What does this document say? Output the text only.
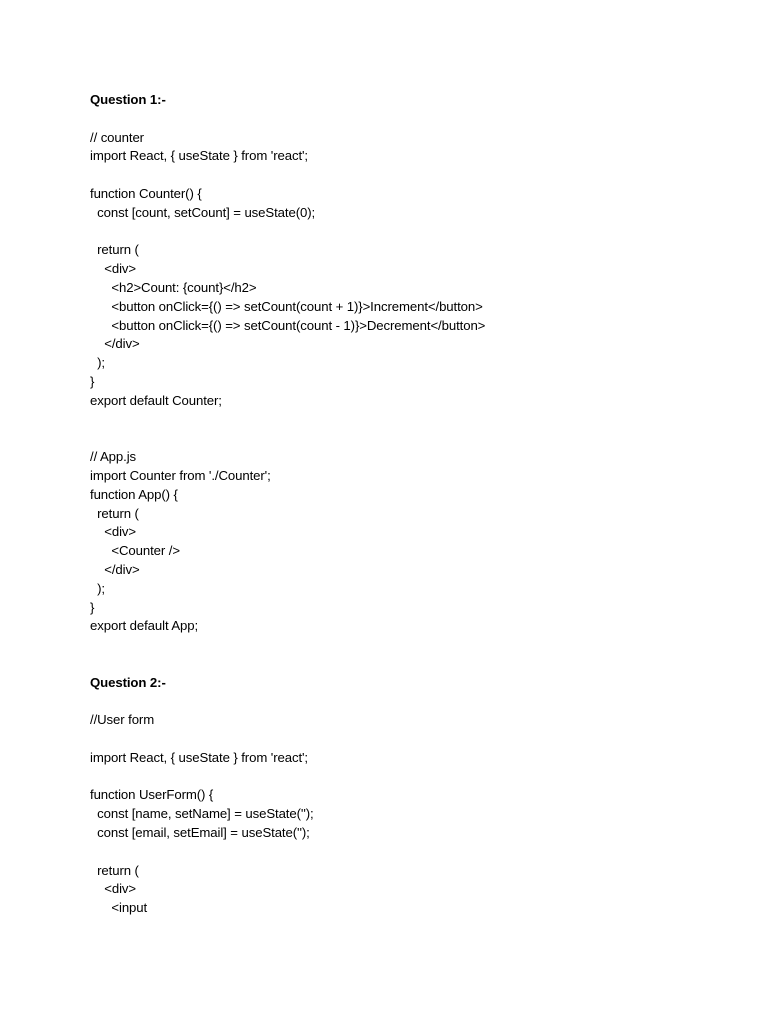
Question 1:-
// counter
import React, { useState } from 'react';
function Counter() {
const [count, setCount] = useState(0);
return (
<div>
<h2>Count: {count}</h2>
<button onClick={() => setCount(count + 1)}>Increment</button>
<button onClick={() => setCount(count - 1)}>Decrement</button>
</div>
);
}
export default Counter;
// App.js
import Counter from './Counter';
function App() {
return (
<div>
<Counter />
</div>
);
}
export default App;
Question 2:-
//User form
import React, { useState } from 'react';
function UserForm() {
const [name, setName] = useState('');
const [email, setEmail] = useState('');
return (
<div>
<input
